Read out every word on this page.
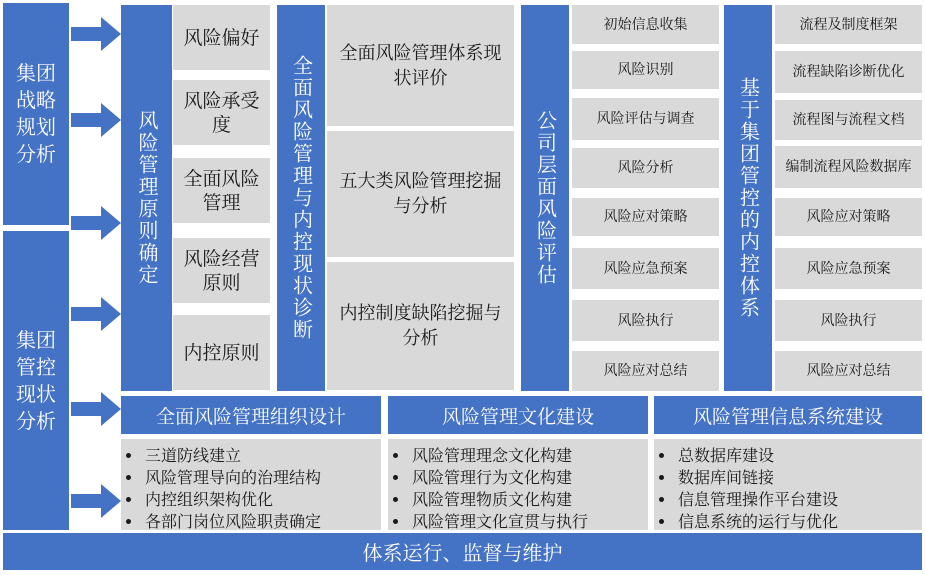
集团战略规划分析
集团管控现状分析
风险管理原则确定
风险偏好
风险承受度
全面风险管理
风险经营原则
内控原则
全面风险管理与内控现状诊断
全面风险管理体系现状评价
五大类风险管理挖掘与分析
内控制度缺陷挖掘与分析
公司层面风险评估
初始信息收集
风险识别
风险评估与调查
风险分析
风险应对策略
风险应急预案
风险执行
风险应对总结
基于集团管控的内控体系
流程及制度框架
流程缺陷诊断优化
流程图与流程文档
编制流程风险数据库
风险应对策略
风险应急预案
风险执行
风险应对总结
全面风险管理组织设计	风险管理文化建设	风险管理信息系统建设
• 三道防线建立
• 风险管理导向的治理结构
• 内控组织架构优化
• 各部门岗位风险职责确定
• 风险管理理念文化构建
• 风险管理行为文化构建
• 风险管理物质文化构建
• 风险管理文化宣贯与执行
• 总数据库建设
• 数据库间链接
• 信息管理操作平台建设
• 信息系统的运行与优化
体系运行、监督与维护
